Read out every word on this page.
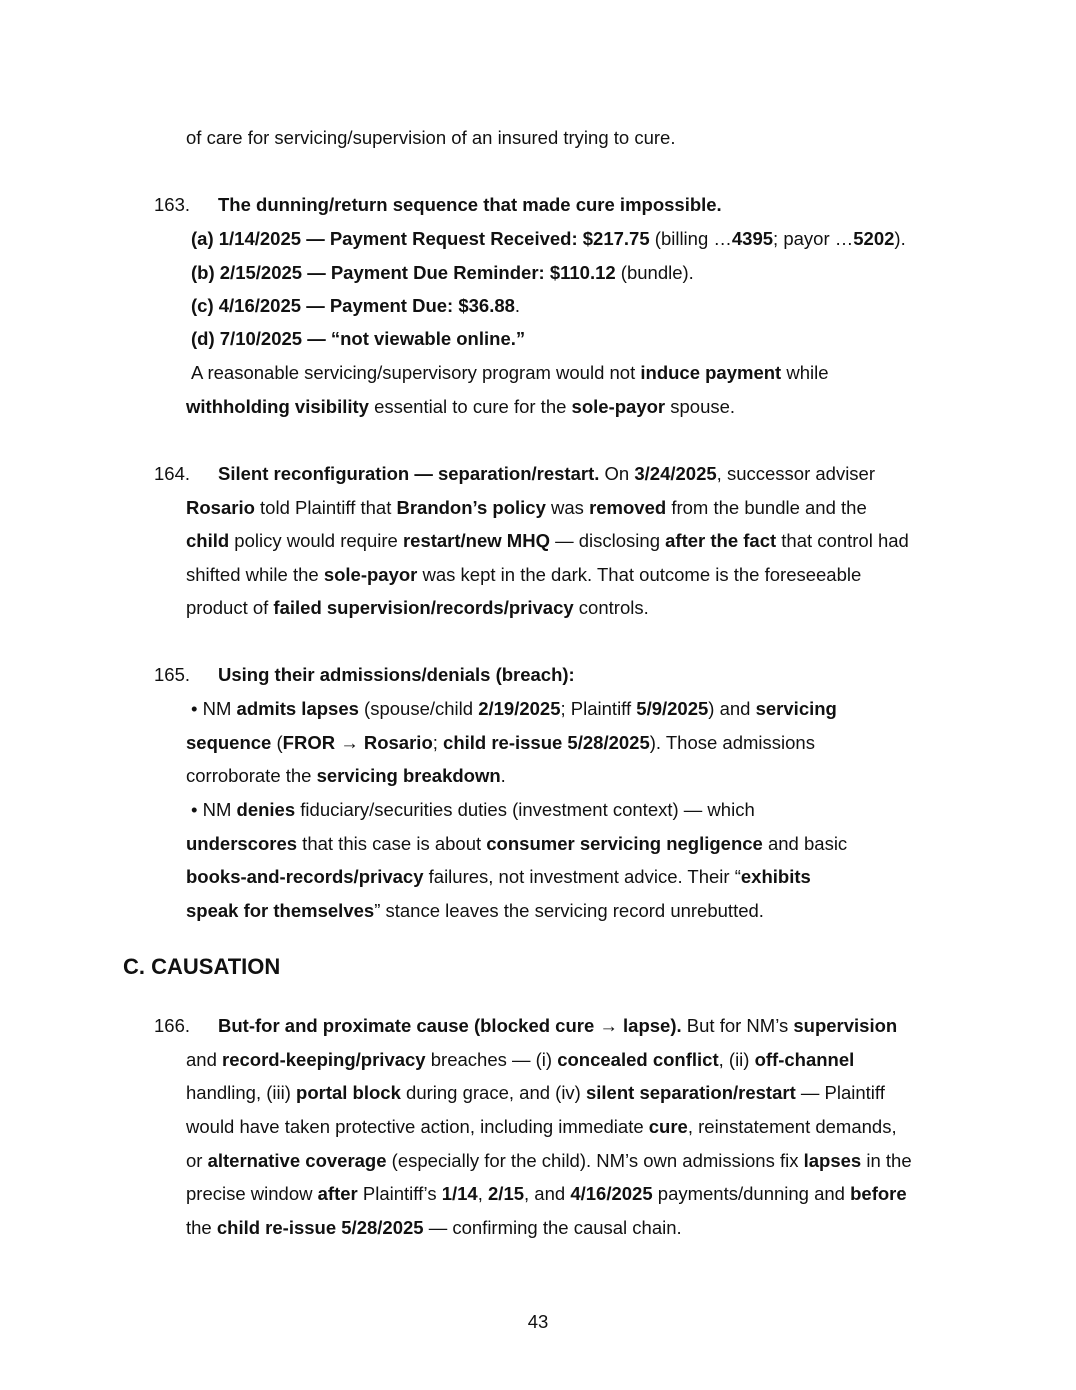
of care for servicing/supervision of an insured trying to cure.
163. The dunning/return sequence that made cure impossible.
(a) 1/14/2025 — Payment Request Received: $217.75 (billing …4395; payor …5202).
(b) 2/15/2025 — Payment Due Reminder: $110.12 (bundle).
(c) 4/16/2025 — Payment Due: $36.88.
(d) 7/10/2025 — “not viewable online.”
A reasonable servicing/supervisory program would not induce payment while
withholding visibility essential to cure for the sole-payor spouse.
164. Silent reconfiguration — separation/restart. On 3/24/2025, successor adviser
Rosario told Plaintiff that Brandon’s policy was removed from the bundle and the
child policy would require restart/new MHQ — disclosing after the fact that control had
shifted while the sole-payor was kept in the dark. That outcome is the foreseeable
product of failed supervision/records/privacy controls.
165. Using their admissions/denials (breach):
• NM admits lapses (spouse/child 2/19/2025; Plaintiff 5/9/2025) and servicing
sequence (FROR → Rosario; child re-issue 5/28/2025). Those admissions
corroborate the servicing breakdown.
• NM denies fiduciary/securities duties (investment context) — which
underscores that this case is about consumer servicing negligence and basic
books-and-records/privacy failures, not investment advice. Their “exhibits
speak for themselves” stance leaves the servicing record unrebutted.
C. CAUSATION
166. But-for and proximate cause (blocked cure → lapse). But for NM’s supervision
and record-keeping/privacy breaches — (i) concealed conflict, (ii) off-channel
handling, (iii) portal block during grace, and (iv) silent separation/restart — Plaintiff
would have taken protective action, including immediate cure, reinstatement demands,
or alternative coverage (especially for the child). NM’s own admissions fix lapses in the
precise window after Plaintiff’s 1/14, 2/15, and 4/16/2025 payments/dunning and before
the child re-issue 5/28/2025 — confirming the causal chain.
43
